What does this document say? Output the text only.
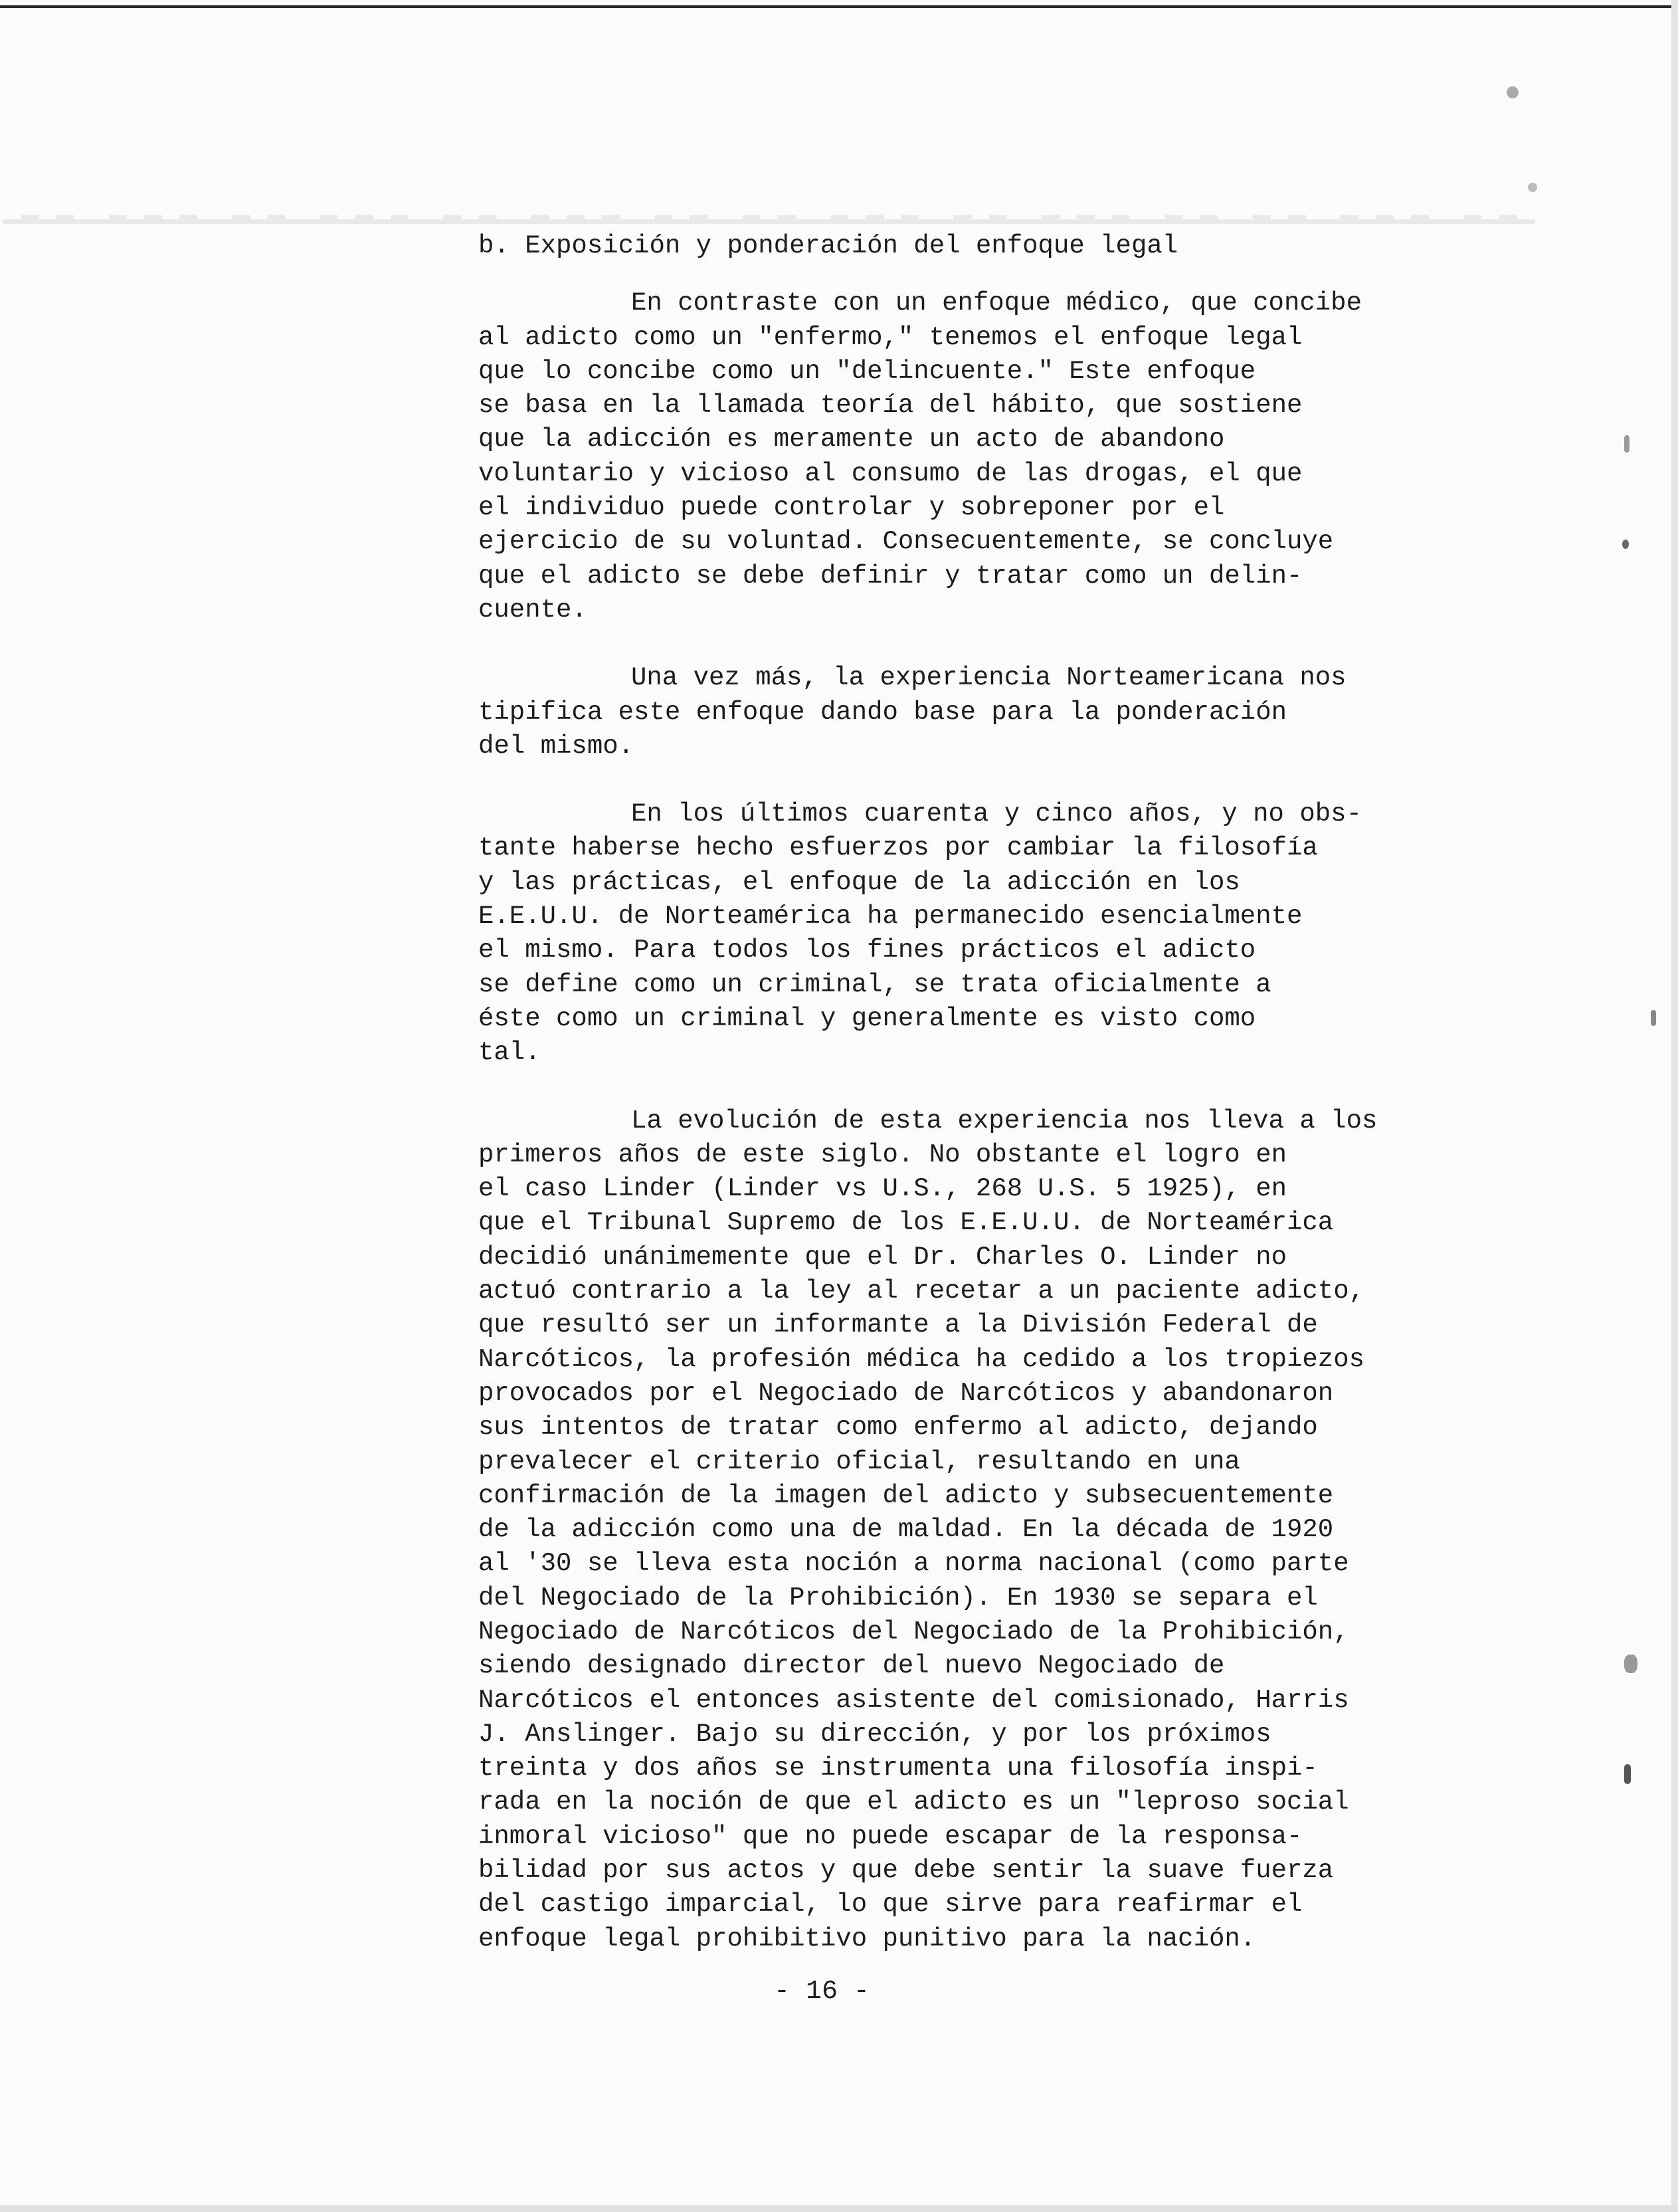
▁▂▁▂▁▁▂▁▂▁▂▁▁▂▁▂▁▁▂▁▂▁▁▂▁▂▁▂▁▁▂▁▂▁▁▂▁▂▁▂▁▁▂▁▂▁▁▂▁▂▁▁▂▁▂▁▂▁▁▂▁▂▁▁▂▁▂▁▂▁▁▂▁▂▁▁▂▁▂▁▂▁▁▂▁▂▁
b. Exposición y ponderación del enfoque legal
En contraste con un enfoque médico, que concibe
al adicto como un "enfermo," tenemos el enfoque legal
que lo concibe como un "delincuente." Este enfoque
se basa en la llamada teoría del hábito, que sostiene
que la adicción es meramente un acto de abandono
voluntario y vicioso al consumo de las drogas, el que
el individuo puede controlar y sobreponer por el
ejercicio de su voluntad. Consecuentemente, se concluye
que el adicto se debe definir y tratar como un delin-
cuente.
Una vez más, la experiencia Norteamericana nos
tipifica este enfoque dando base para la ponderación
del mismo.
En los últimos cuarenta y cinco años, y no obs-
tante haberse hecho esfuerzos por cambiar la filosofía
y las prácticas, el enfoque de la adicción en los
E.E.U.U. de Norteamérica ha permanecido esencialmente
el mismo. Para todos los fines prácticos el adicto
se define como un criminal, se trata oficialmente a
éste como un criminal y generalmente es visto como
tal.
La evolución de esta experiencia nos lleva a los
primeros años de este siglo. No obstante el logro en
el caso Linder (Linder vs U.S., 268 U.S. 5 1925), en
que el Tribunal Supremo de los E.E.U.U. de Norteamérica
decidió unánimemente que el Dr. Charles O. Linder no
actuó contrario a la ley al recetar a un paciente adicto,
que resultó ser un informante a la División Federal de
Narcóticos, la profesión médica ha cedido a los tropiezos
provocados por el Negociado de Narcóticos y abandonaron
sus intentos de tratar como enfermo al adicto, dejando
prevalecer el criterio oficial, resultando en una
confirmación de la imagen del adicto y subsecuentemente
de la adicción como una de maldad. En la década de 1920
al '30 se lleva esta noción a norma nacional (como parte
del Negociado de la Prohibición). En 1930 se separa el
Negociado de Narcóticos del Negociado de la Prohibición,
siendo designado director del nuevo Negociado de
Narcóticos el entonces asistente del comisionado, Harris
J. Anslinger. Bajo su dirección, y por los próximos
treinta y dos años se instrumenta una filosofía inspi-
rada en la noción de que el adicto es un "leproso social
inmoral vicioso" que no puede escapar de la responsa-
bilidad por sus actos y que debe sentir la suave fuerza
del castigo imparcial, lo que sirve para reafirmar el
enfoque legal prohibitivo punitivo para la nación.
- 16 -
